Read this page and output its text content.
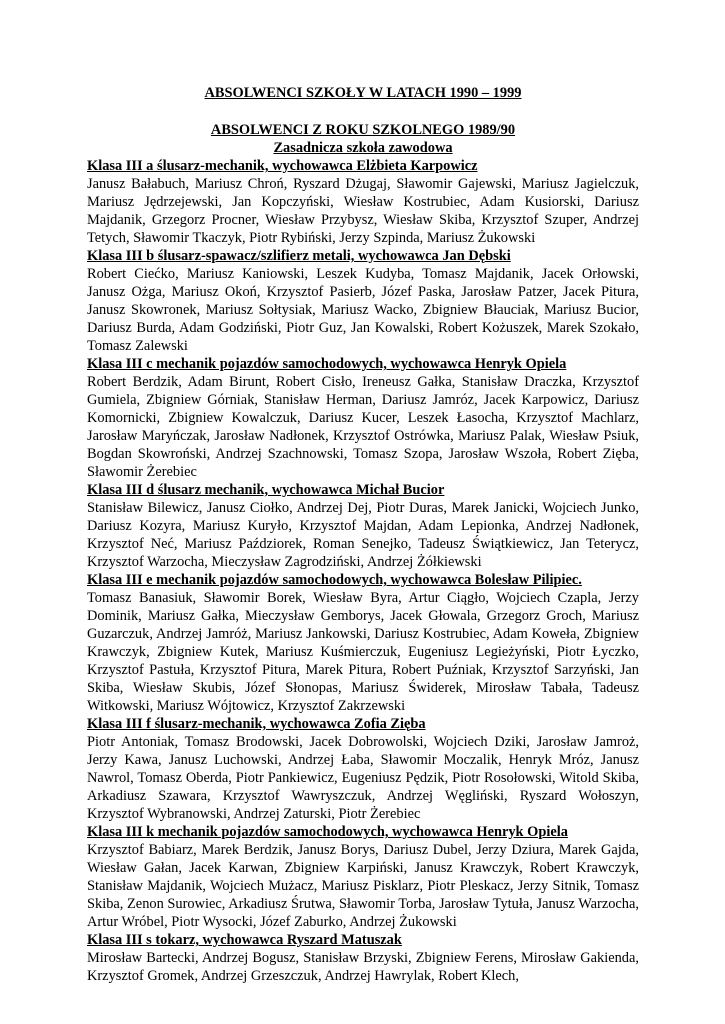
ABSOLWENCI SZKOŁY W LATACH 1990 – 1999

ABSOLWENCI Z ROKU SZKOLNEGO 1989/90

Zasadnicza szkoła zawodowa

Klasa III a ślusarz-mechanik, wychowawca Elżbieta Karpowicz

Janusz Bałabuch, Mariusz Chroń, Ryszard Dżugaj, Sławomir Gajewski, Mariusz Jagielczuk, Mariusz Jędrzejewski, Jan Kopczyński, Wiesław Kostrubiec, Adam Kusiorski, Dariusz Majdanik, Grzegorz Procner, Wiesław Przybysz, Wiesław Skiba, Krzysztof Szuper, Andrzej Tetych, Sławomir Tkaczyk, Piotr Rybiński, Jerzy Szpinda, Mariusz Żukowski

Klasa III b ślusarz-spawacz/szlifierz metali, wychowawca Jan Dębski

Robert Ciećko, Mariusz Kaniowski, Leszek Kudyba, Tomasz Majdanik, Jacek Orłowski, Janusz Ożga, Mariusz Okoń, Krzysztof Pasierb, Józef Paska, Jarosław Patzer, Jacek Pitura, Janusz Skowronek, Mariusz Sołtysiak, Mariusz Wacko, Zbigniew Błauciak, Mariusz Bucior, Dariusz Burda, Adam Godziński, Piotr Guz, Jan Kowalski, Robert Kożuszek, Marek Szokało, Tomasz Zalewski

Klasa III c mechanik pojazdów samochodowych, wychowawca Henryk Opiela

Robert Berdzik, Adam Birunt, Robert Cisło, Ireneusz Gałka, Stanisław Draczka, Krzysztof Gumiela, Zbigniew Górniak, Stanisław Herman, Dariusz Jamróz, Jacek Karpowicz, Dariusz Komornicki, Zbigniew Kowalczuk, Dariusz Kucer, Leszek Łasocha, Krzysztof Machlarz, Jarosław Maryńczak, Jarosław Nadłonek, Krzysztof Ostrówka, Mariusz Palak, Wiesław Psiuk, Bogdan Skowroński, Andrzej Szachnowski, Tomasz Szopa, Jarosław Wszoła, Robert Zięba, Sławomir Żerebiec

Klasa III d ślusarz mechanik, wychowawca Michał Bucior

Stanisław Bilewicz, Janusz Ciołko, Andrzej Dej, Piotr Duras, Marek Janicki, Wojciech Junko, Dariusz Kozyra, Mariusz Kuryło, Krzysztof Majdan, Adam Lepionka, Andrzej Nadłonek, Krzysztof Neć, Mariusz Paździorek, Roman Senejko, Tadeusz Świątkiewicz, Jan Teterycz, Krzysztof Warzocha, Mieczysław Zagrodziński, Andrzej Żółkiewski

Klasa III e mechanik pojazdów samochodowych, wychowawca Bolesław Pilipiec.

Tomasz Banasiuk, Sławomir Borek, Wiesław Byra, Artur Ciągło, Wojciech Czapla, Jerzy Dominik, Mariusz Gałka, Mieczysław Gemborys, Jacek Głowala, Grzegorz Groch, Mariusz Guzarczuk, Andrzej Jamróż, Mariusz Jankowski, Dariusz Kostrubiec, Adam Koweła, Zbigniew Krawczyk, Zbigniew Kutek, Mariusz Kuśmierczuk, Eugeniusz Legieżyński, Piotr Łyczko, Krzysztof Pastuła, Krzysztof Pitura, Marek Pitura, Robert Puźniak, Krzysztof Sarzyński, Jan Skiba, Wiesław Skubis, Józef Słonopas, Mariusz Świderek, Mirosław Tabała, Tadeusz Witkowski, Mariusz Wójtowicz, Krzysztof Zakrzewski

Klasa III f ślusarz-mechanik, wychowawca Zofia Zięba

Piotr Antoniak, Tomasz Brodowski, Jacek Dobrowolski, Wojciech Dziki, Jarosław Jamroż, Jerzy Kawa, Janusz Luchowski, Andrzej Łaba, Sławomir Moczalik, Henryk Mróz, Janusz Nawrol, Tomasz Oberda, Piotr Pankiewicz, Eugeniusz Pędzik, Piotr Rosołowski, Witold Skiba, Arkadiusz Szawara, Krzysztof Wawryszczuk, Andrzej Węgliński, Ryszard Wołoszyn, Krzysztof Wybranowski, Andrzej Zaturski, Piotr Żerebiec

Klasa III k mechanik pojazdów samochodowych, wychowawca Henryk Opiela

Krzysztof Babiarz, Marek Berdzik, Janusz Borys, Dariusz Dubel, Jerzy Dziura, Marek Gajda, Wiesław Gałan, Jacek Karwan, Zbigniew Karpiński, Janusz Krawczyk, Robert Krawczyk, Stanisław Majdanik, Wojciech Mużacz, Mariusz Pisklarz, Piotr Pleskacz, Jerzy Sitnik, Tomasz Skiba, Zenon Surowiec, Arkadiusz Śrutwa, Sławomir Torba, Jarosław Tytuła, Janusz Warzocha, Artur Wróbel, Piotr Wysocki, Józef Zaburko, Andrzej Żukowski

Klasa III s tokarz, wychowawca Ryszard Matuszak

Mirosław Bartecki, Andrzej Bogusz, Stanisław Brzyski, Zbigniew Ferens, Mirosław Gakienda, Krzysztof Gromek, Andrzej Grzeszczuk, Andrzej Hawrylak, Robert Klech,
